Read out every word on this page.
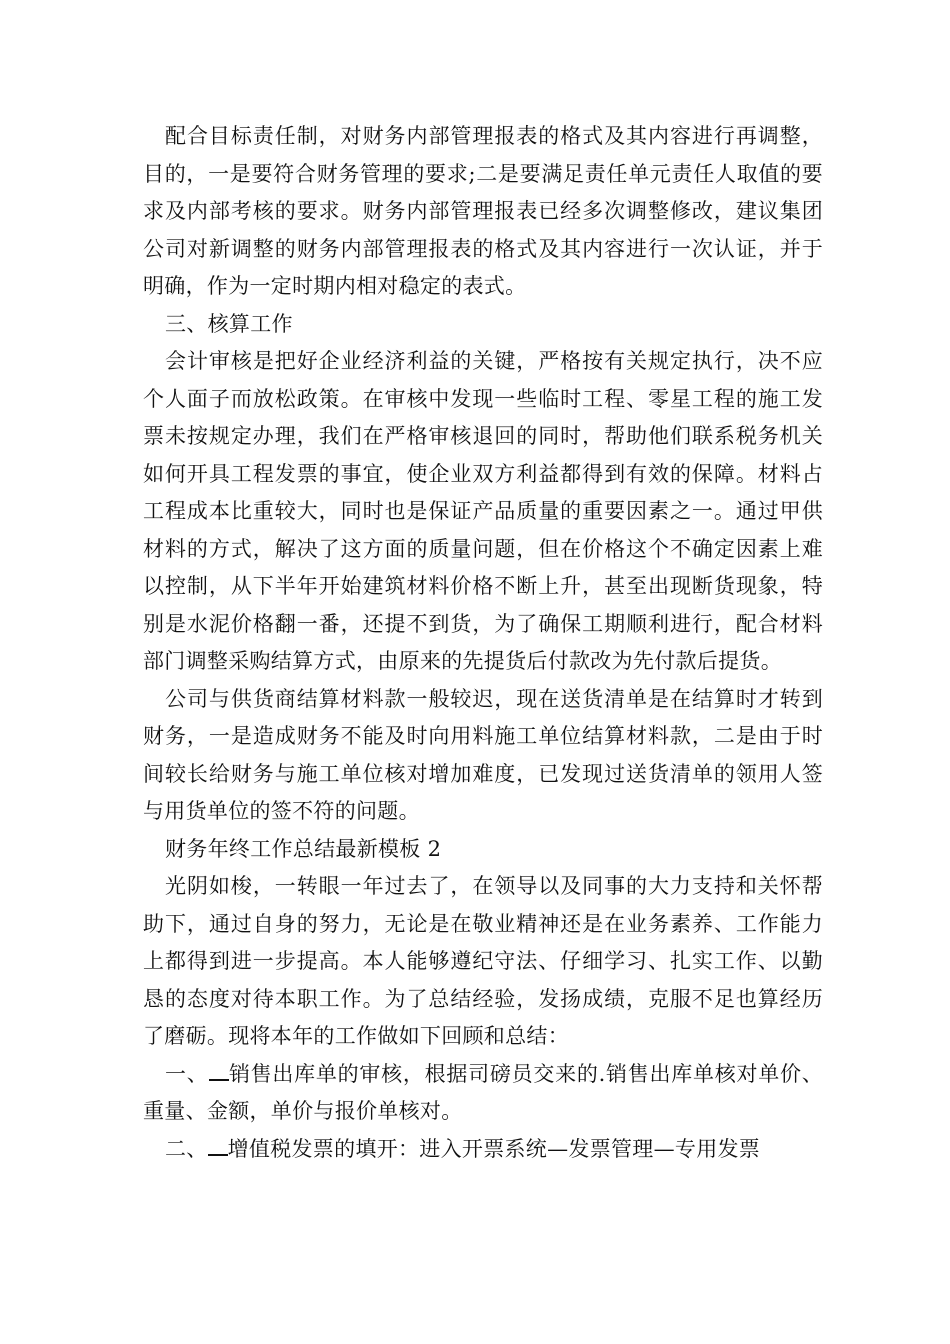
配合目标责任制，对财务内部管理报表的格式及其内容进行再调整，目的，一是要符合财务管理的要求;二是要满足责任单元责任人取值的要求及内部考核的要求。财务内部管理报表已经多次调整修改，建议集团公司对新调整的财务内部管理报表的格式及其内容进行一次认证，并于明确，作为一定时期内相对稳定的表式。

三、核算工作

会计审核是把好企业经济利益的关键，严格按有关规定执行，决不应个人面子而放松政策。在审核中发现一些临时工程、零星工程的施工发票未按规定办理，我们在严格审核退回的同时，帮助他们联系税务机关如何开具工程发票的事宜，使企业双方利益都得到有效的保障。材料占工程成本比重较大，同时也是保证产品质量的重要因素之一。通过甲供材料的方式，解决了这方面的质量问题，但在价格这个不确定因素上难以控制，从下半年开始建筑材料价格不断上升，甚至出现断货现象，特别是水泥价格翻一番，还提不到货，为了确保工期顺利进行，配合材料部门调整采购结算方式，由原来的先提货后付款改为先付款后提货。

公司与供货商结算材料款一般较迟，现在送货清单是在结算时才转到财务，一是造成财务不能及时向用料施工单位结算材料款，二是由于时间较长给财务与施工单位核对增加难度，已发现过送货清单的领用人签与用货单位的签不符的问题。

财务年终工作总结最新模板 2

光阴如梭，一转眼一年过去了，在领导以及同事的大力支持和关怀帮助下，通过自身的努力，无论是在敬业精神还是在业务素养、工作能力上都得到进一步提高。本人能够遵纪守法、仔细学习、扎实工作、以勤恳的态度对待本职工作。为了总结经验，发扬成绩，克服不足也算经历了磨砺。现将本年的工作做如下回顾和总结：

一、 销售出库单的审核，根据司磅员交来的.销售出库单核对单价、重量、金额，单价与报价单核对。

二、 增值税发票的填开：进入开票系统—发票管理—专用发票
